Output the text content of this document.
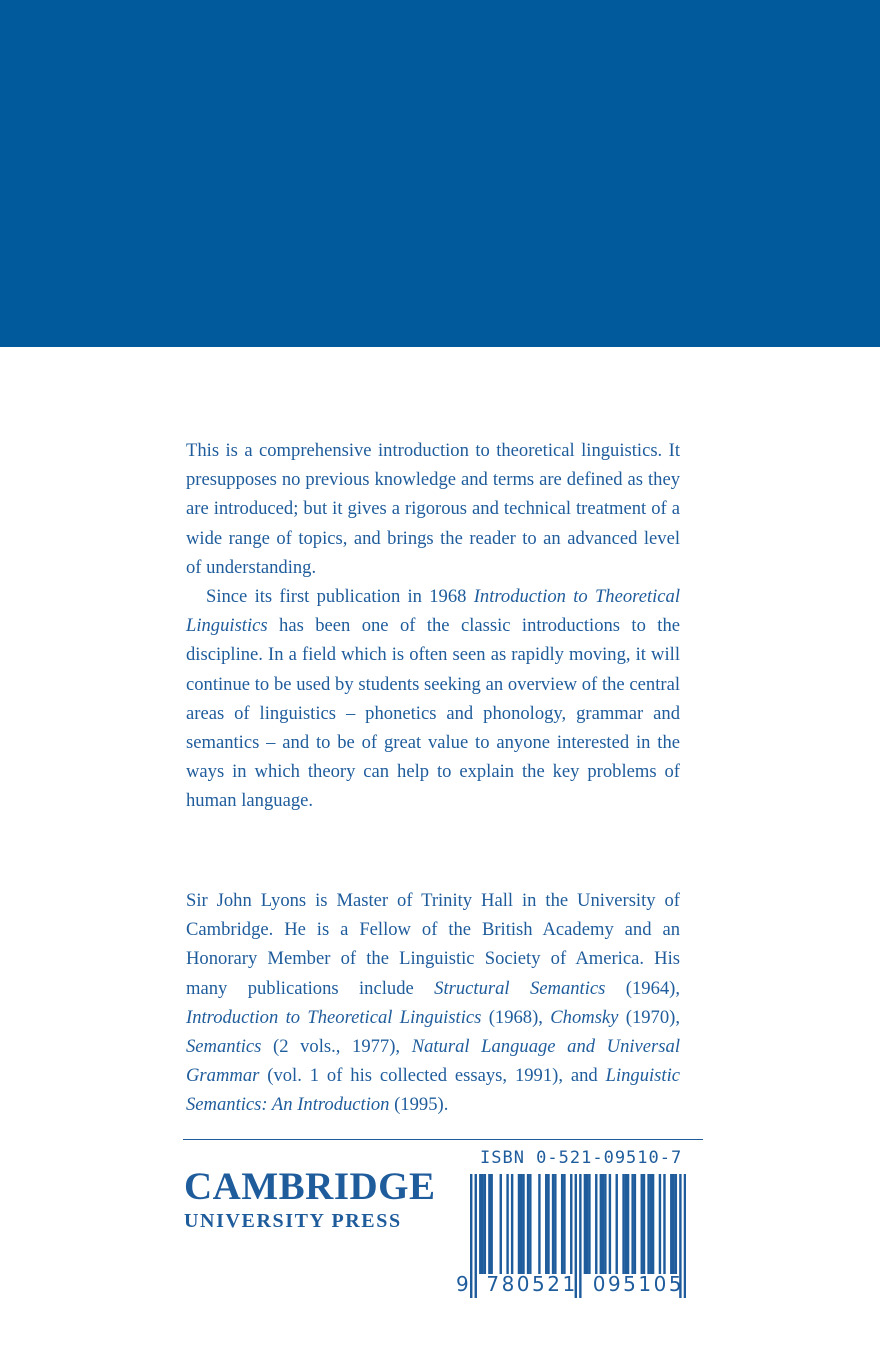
This is a comprehensive introduction to theoretical linguistics. It presupposes no previous knowledge and terms are defined as they are introduced; but it gives a rigorous and technical treatment of a wide range of topics, and brings the reader to an advanced level of understanding.

Since its first publication in 1968 Introduction to Theoretical Linguistics has been one of the classic introductions to the discipline. In a field which is often seen as rapidly moving, it will continue to be used by students seeking an overview of the central areas of linguistics – phonetics and phonology, grammar and semantics – and to be of great value to anyone interested in the ways in which theory can help to explain the key problems of human language.

Sir John Lyons is Master of Trinity Hall in the University of Cambridge. He is a Fellow of the British Academy and an Honorary Member of the Linguistic Society of America. His many publications include Structural Semantics (1964), Introduction to Theoretical Linguistics (1968), Chomsky (1970), Semantics (2 vols., 1977), Natural Language and Universal Grammar (vol. 1 of his collected essays, 1991), and Linguistic Semantics: An Introduction (1995).

CAMBRIDGE
UNIVERSITY PRESS
ISBN 0-521-09510-7
9 780521 095105
